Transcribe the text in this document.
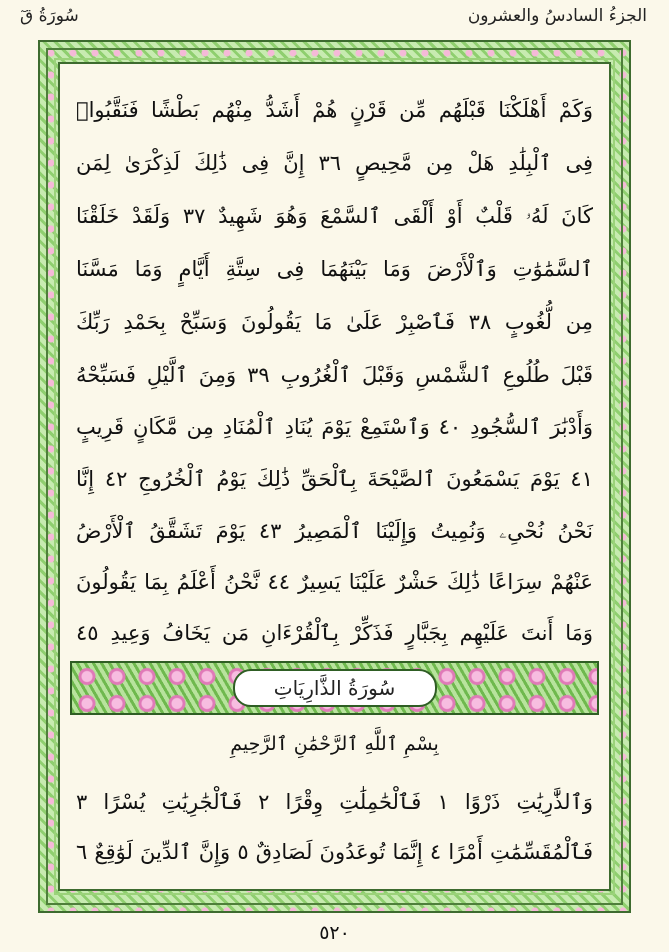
سُورَةُ قٓ	الجزءُ السادسُ والعشرون
وَكَمْ أَهْلَكْنَا قَبْلَهُم مِّن قَرْنٍ هُمْ أَشَدُّ مِنْهُم بَطْشًا فَنَقَّبُوا۟
فِى ٱلْبِلَٰدِ هَلْ مِن مَّحِيصٍ ٣٦ إِنَّ فِى ذَٰلِكَ لَذِكْرَىٰ لِمَن
كَانَ لَهُۥ قَلْبٌ أَوْ أَلْقَى ٱلسَّمْعَ وَهُوَ شَهِيدٌ ٣٧ وَلَقَدْ خَلَقْنَا
ٱلسَّمَٰوَٰتِ وَٱلْأَرْضَ وَمَا بَيْنَهُمَا فِى سِتَّةِ أَيَّامٍ وَمَا مَسَّنَا
مِن لُّغُوبٍ ٣٨ فَٱصْبِرْ عَلَىٰ مَا يَقُولُونَ وَسَبِّحْ بِحَمْدِ رَبِّكَ
قَبْلَ طُلُوعِ ٱلشَّمْسِ وَقَبْلَ ٱلْغُرُوبِ ٣٩ وَمِنَ ٱلَّيْلِ فَسَبِّحْهُ
وَأَدْبَٰرَ ٱلسُّجُودِ ٤٠ وَٱسْتَمِعْ يَوْمَ يُنَادِ ٱلْمُنَادِ مِن مَّكَانٍ قَرِيبٍ
٤١ يَوْمَ يَسْمَعُونَ ٱلصَّيْحَةَ بِٱلْحَقِّ ذَٰلِكَ يَوْمُ ٱلْخُرُوجِ ٤٢ إِنَّا
نَحْنُ نُحْىِۦ وَنُمِيتُ وَإِلَيْنَا ٱلْمَصِيرُ ٤٣ يَوْمَ تَشَقَّقُ ٱلْأَرْضُ
عَنْهُمْ سِرَاعًا ذَٰلِكَ حَشْرٌ عَلَيْنَا يَسِيرٌ ٤٤ نَّحْنُ أَعْلَمُ بِمَا يَقُولُونَ
وَمَا أَنتَ عَلَيْهِم بِجَبَّارٍ فَذَكِّرْ بِٱلْقُرْءَانِ مَن يَخَافُ وَعِيدِ ٤٥
سُورَةُ الذَّارِيَاتِ
بِسْمِ ٱللَّهِ ٱلرَّحْمَٰنِ ٱلرَّحِيمِ
وَٱلذَّٰرِيَٰتِ ذَرْوًا ١ فَٱلْحَٰمِلَٰتِ وِقْرًا ٢ فَٱلْجَٰرِيَٰتِ يُسْرًا ٣
فَٱلْمُقَسِّمَٰتِ أَمْرًا ٤ إِنَّمَا تُوعَدُونَ لَصَادِقٌ ٥ وَإِنَّ ٱلدِّينَ لَوَٰقِعٌ ٦
٥٢٠
